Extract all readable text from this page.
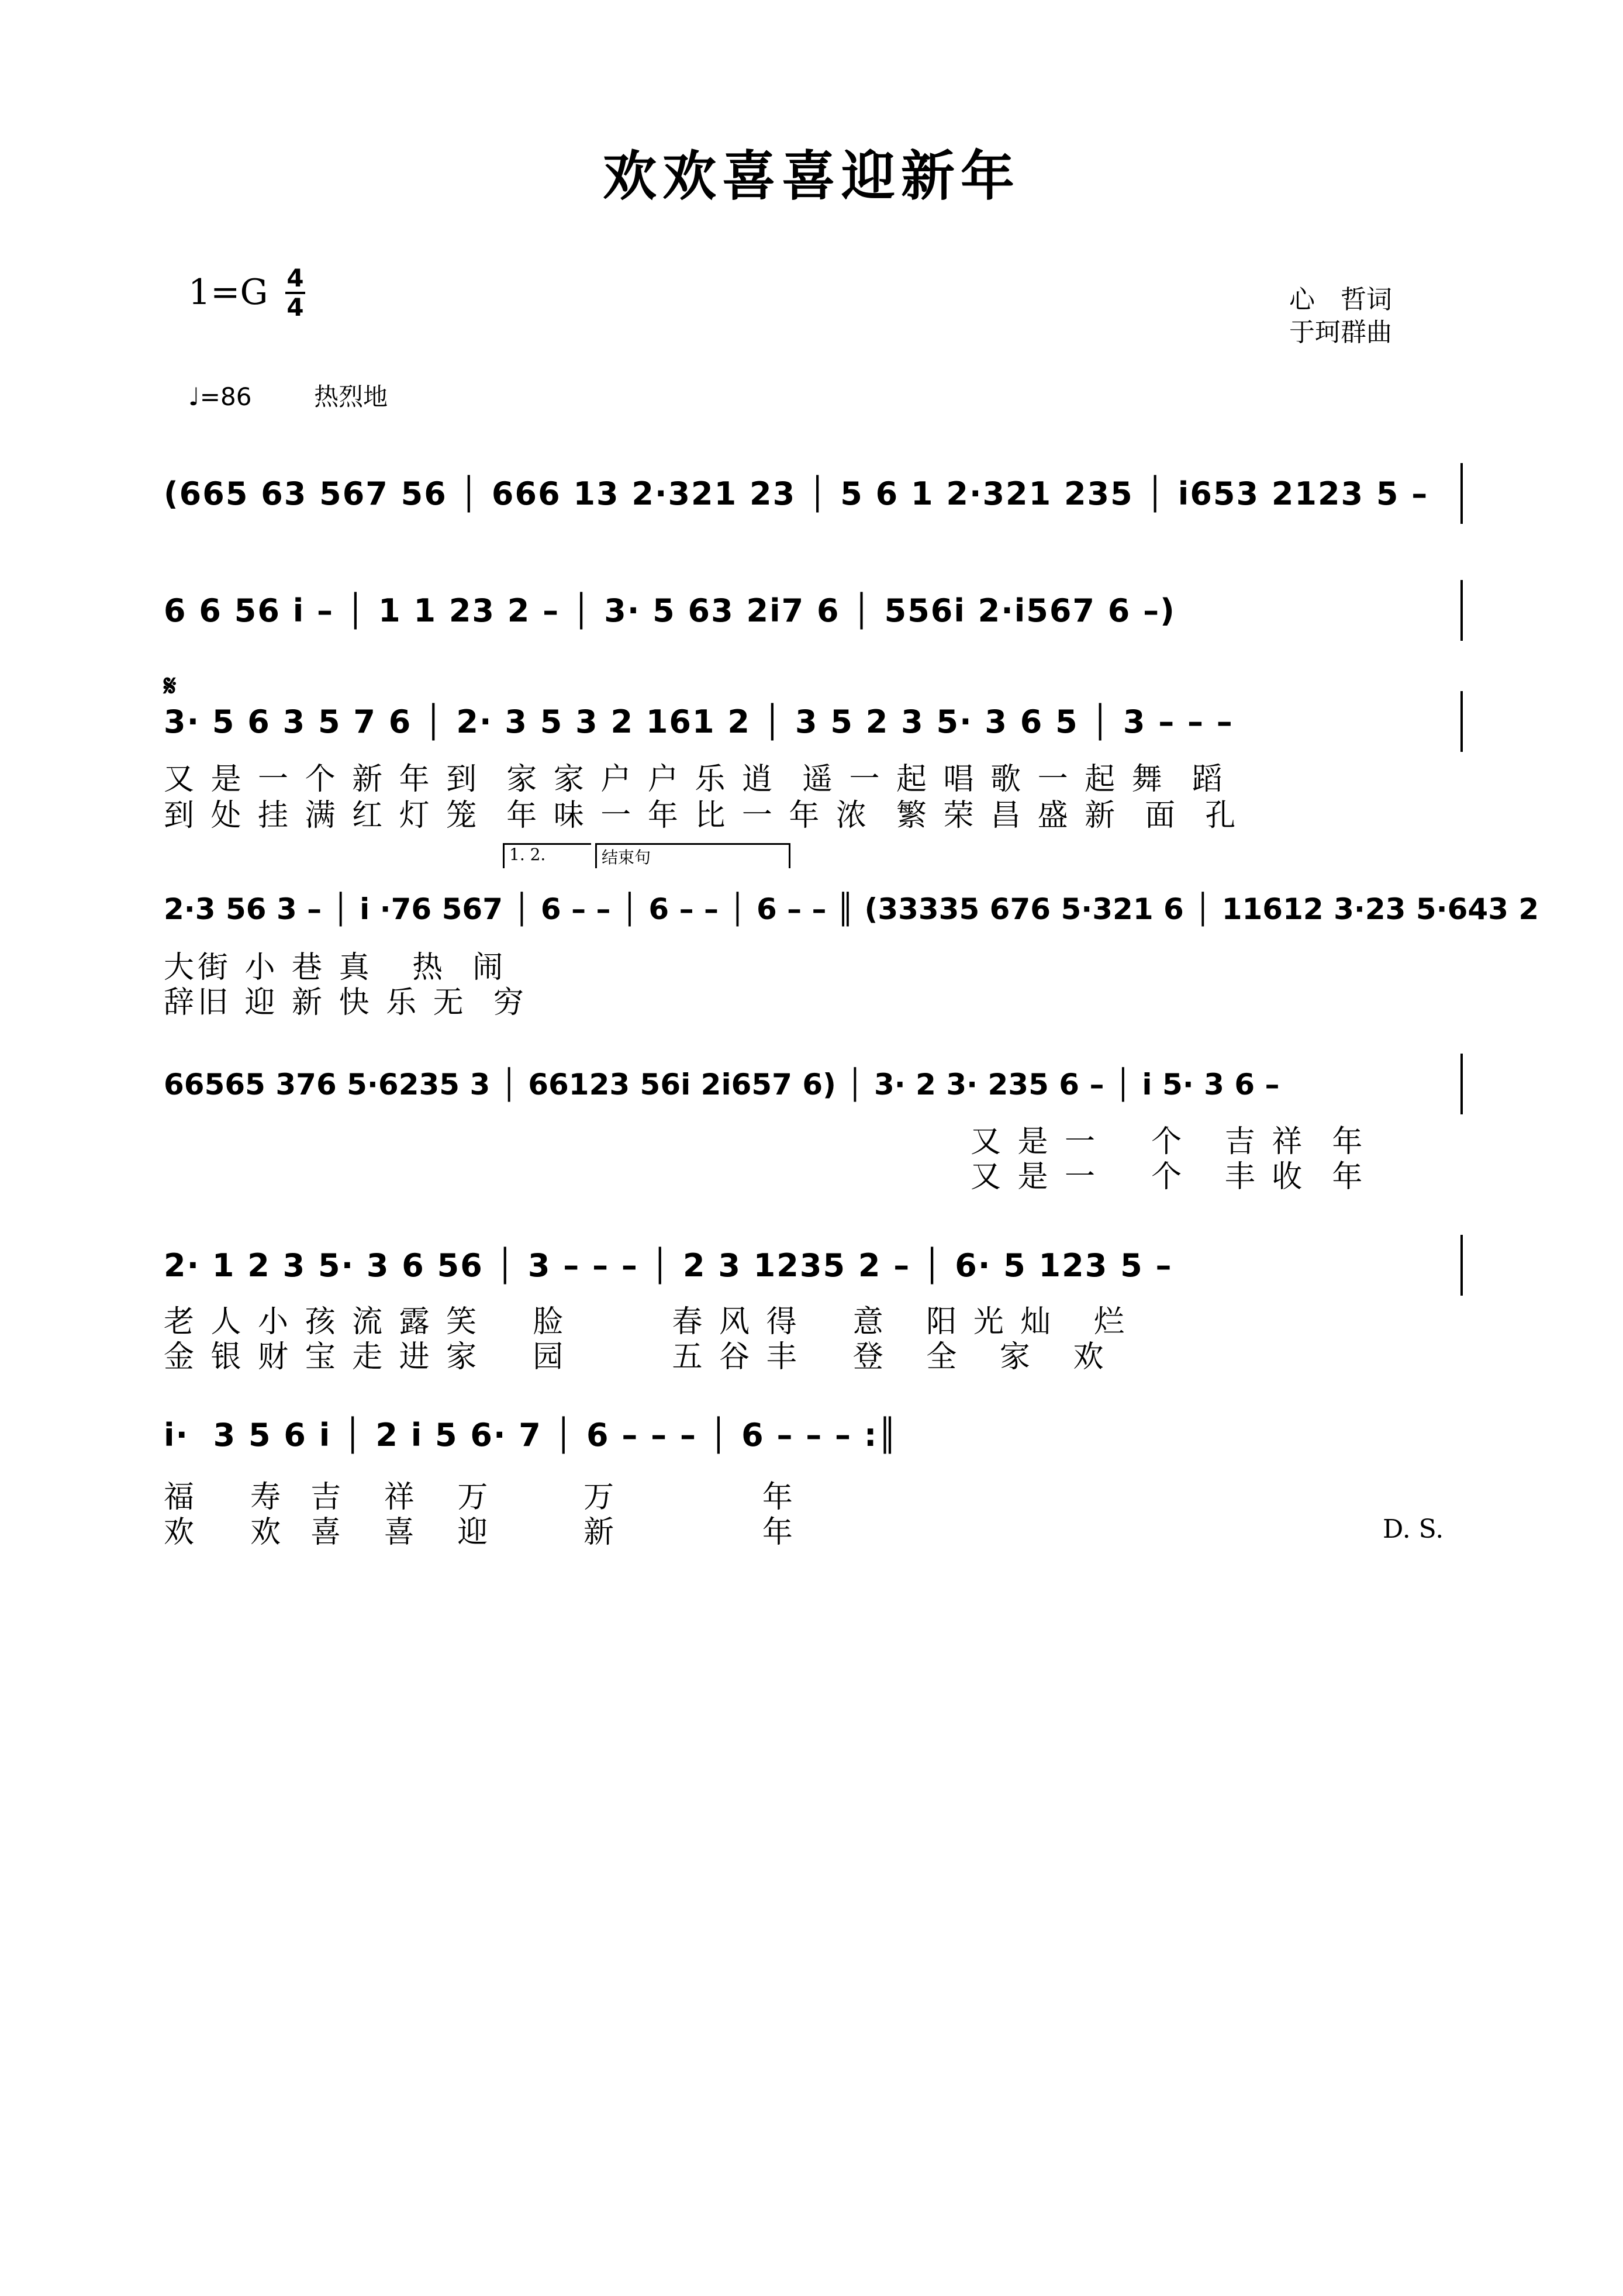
欢欢喜喜迎新年
1=G 4
4	心　哲词
于珂群曲
♩=86	热烈地
(665 63 567 56 │ 666 13 2·321 23 │ 5 6 1 2·321 235 │ i653 2123 5 –
6 6 56 i – │ 1 1 23 2 – │ 3· 5 63 2i7 6 │ 556i 2·i567 6 –)
𝄋
3· 5 6 3 5 7 6 │ 2· 3 5 3 2 161 2 │ 3 5 2 3 5· 3 6 5 │ 3 – – –
又 是 一 个 新 年 到  家 家 户 户 乐 逍  遥 一 起 唱 歌 一 起 舞  蹈
到 处 挂 满 红 灯 笼  年 味 一 年 比 一 年 浓  繁 荣 昌 盛 新  面  孔
1. 2.	结束句
2·3 56 3 – │ i ·76 567 │ 6 – – │ 6 – – │ 6 – – ║ (33335 676 5·321 6 │ 11612 3·23 5·643 2
大街 小 巷 真   热  闹
辞旧 迎 新 快 乐 无  穷
66565 376 5·6235 3 │ 66123 56i 2i657 6) │ 3· 2 3· 235 6 – │ i 5· 3 6 –
又 是 一    个   吉 祥  年
又 是 一    个   丰 收  年
2· 1 2 3 5· 3 6 56 │ 3 – – – │ 2 3 1235 2 – │ 6· 5 123 5 –
老 人 小 孩 流 露 笑    脸        春 风 得    意   阳 光 灿   烂
金 银 财 宝 走 进 家    园        五 谷 丰    登   全   家   欢
i·  3 5 6 i │ 2 i 5 6· 7 │ 6 – – – │ 6 – – – :║
福    寿  吉   祥   万       万           年
欢    欢  喜   喜   迎       新           年	D. S.
